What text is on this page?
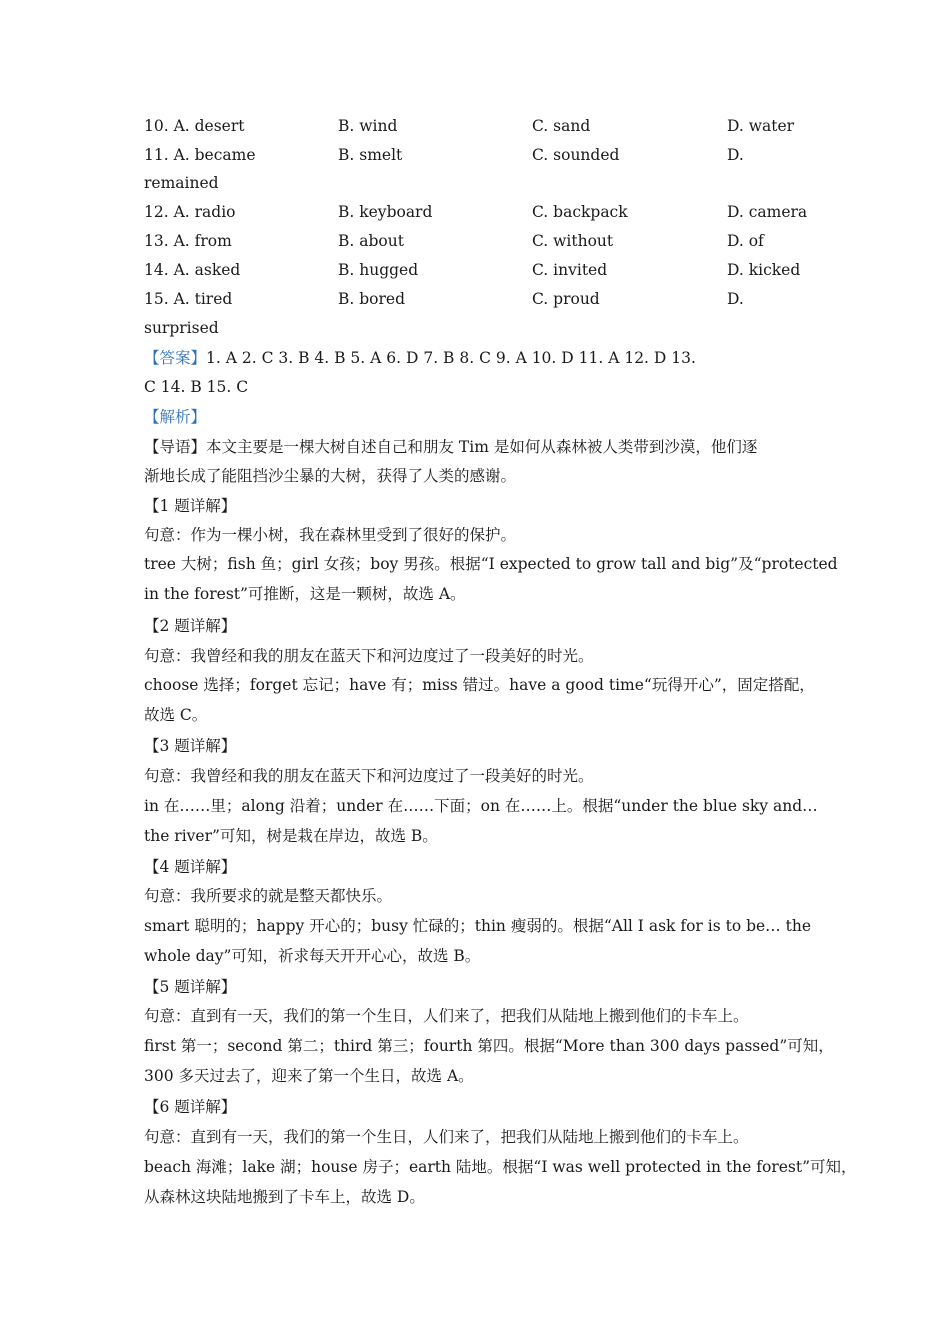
10. A. desert	B. wind	C. sand	D. water
11. A. became	B. smelt	C. sounded	D.
remained
12. A. radio	B. keyboard	C. backpack	D. camera
13. A. from	B. about	C. without	D. of
14. A. asked	B. hugged	C. invited	D. kicked
15. A. tired	B. bored	C. proud	D.
surprised
【答案】1. A 2. C 3. B 4. B 5. A 6. D 7. B 8. C 9. A 10. D 11. A 12. D 13.
C 14. B 15. C
【解析】
【导语】本文主要是一棵大树自述自己和朋友 Tim 是如何从森林被人类带到沙漠，他们逐
渐地长成了能阻挡沙尘暴的大树，获得了人类的感谢。
【1 题详解】
句意：作为一棵小树，我在森林里受到了很好的保护。
tree 大树；fish 鱼；girl 女孩；boy 男孩。根据“I expected to grow tall and big”及“protected
in the forest”可推断，这是一颗树，故选 A。
【2 题详解】
句意：我曾经和我的朋友在蓝天下和河边度过了一段美好的时光。
choose 选择；forget 忘记；have 有；miss 错过。have a good time“玩得开心”，固定搭配，
故选 C。
【3 题详解】
句意：我曾经和我的朋友在蓝天下和河边度过了一段美好的时光。
in 在……里；along 沿着；under 在……下面；on 在……上。根据“under the blue sky and…
the river”可知，树是栽在岸边，故选 B。
【4 题详解】
句意：我所要求的就是整天都快乐。
smart 聪明的；happy 开心的；busy 忙碌的；thin 瘦弱的。根据“All I ask for is to be… the
whole day”可知，祈求每天开开心心，故选 B。
【5 题详解】
句意：直到有一天，我们的第一个生日，人们来了，把我们从陆地上搬到他们的卡车上。
first 第一；second 第二；third 第三；fourth 第四。根据“More than 300 days passed”可知，
300 多天过去了，迎来了第一个生日，故选 A。
【6 题详解】
句意：直到有一天，我们的第一个生日，人们来了，把我们从陆地上搬到他们的卡车上。
beach 海滩；lake 湖；house 房子；earth 陆地。根据“I was well protected in the forest”可知，
从森林这块陆地搬到了卡车上，故选 D。
